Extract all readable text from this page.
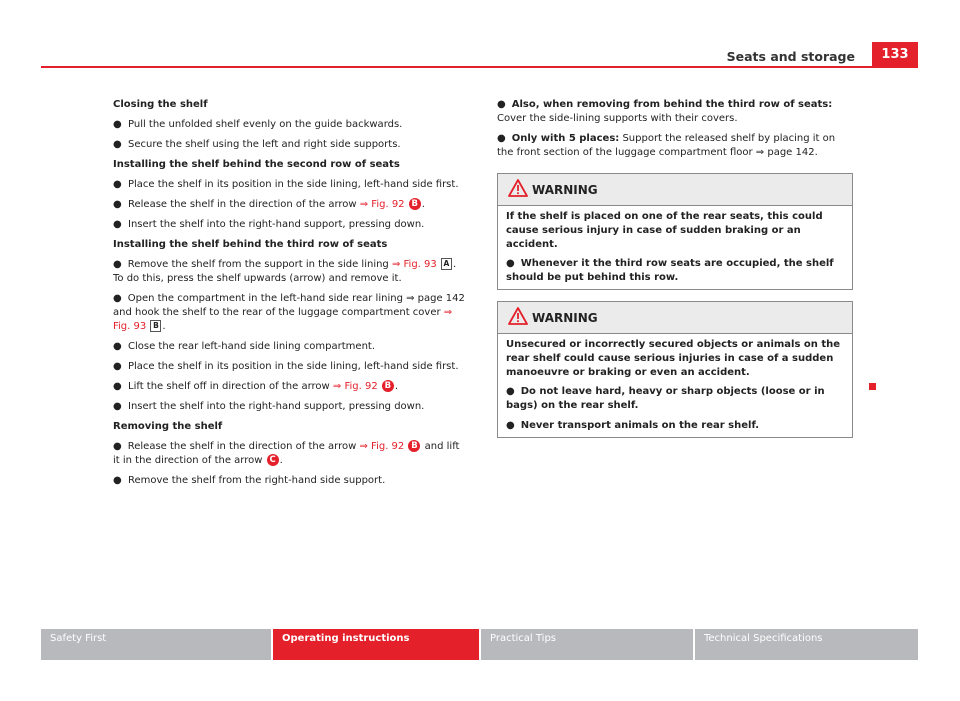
Seats and storage	133
Closing the shelf
● Pull the unfolded shelf evenly on the guide backwards.
● Secure the shelf using the left and right side supports.
Installing the shelf behind the second row of seats
● Place the shelf in its position in the side lining, left-hand side first.
● Release the shelf in the direction of the arrow ⇒ Fig. 92 B .
● Insert the shelf into the right-hand support, pressing down.
Installing the shelf behind the third row of seats
● Remove the shelf from the support in the side lining ⇒ Fig. 93 A . To do this, press the shelf upwards (arrow) and remove it.
● Open the compartment in the left-hand side rear lining ⇒ page 142 and hook the shelf to the rear of the luggage compartment cover ⇒ Fig. 93 B .
● Close the rear left-hand side lining compartment.
● Place the shelf in its position in the side lining, left-hand side first.
● Lift the shelf off in direction of the arrow ⇒ Fig. 92 B .
● Insert the shelf into the right-hand support, pressing down.
Removing the shelf
● Release the shelf in the direction of the arrow ⇒ Fig. 92 B and lift it in the direction of the arrow C .
● Remove the shelf from the right-hand side support.
● Also, when removing from behind the third row of seats: Cover the side-lining supports with their covers.
● Only with 5 places: Support the released shelf by placing it on the front section of the luggage compartment floor ⇒ page 142.
WARNING
If the shelf is placed on one of the rear seats, this could cause serious injury in case of sudden braking or an accident.
● Whenever it the third row seats are occupied, the shelf should be put behind this row.
WARNING
Unsecured or incorrectly secured objects or animals on the rear shelf could cause serious injuries in case of a sudden manoeuvre or braking or even an accident.
● Do not leave hard, heavy or sharp objects (loose or in bags) on the rear shelf.
● Never transport animals on the rear shelf.
Safety First	Operating instructions	Practical Tips	Technical Specifications
